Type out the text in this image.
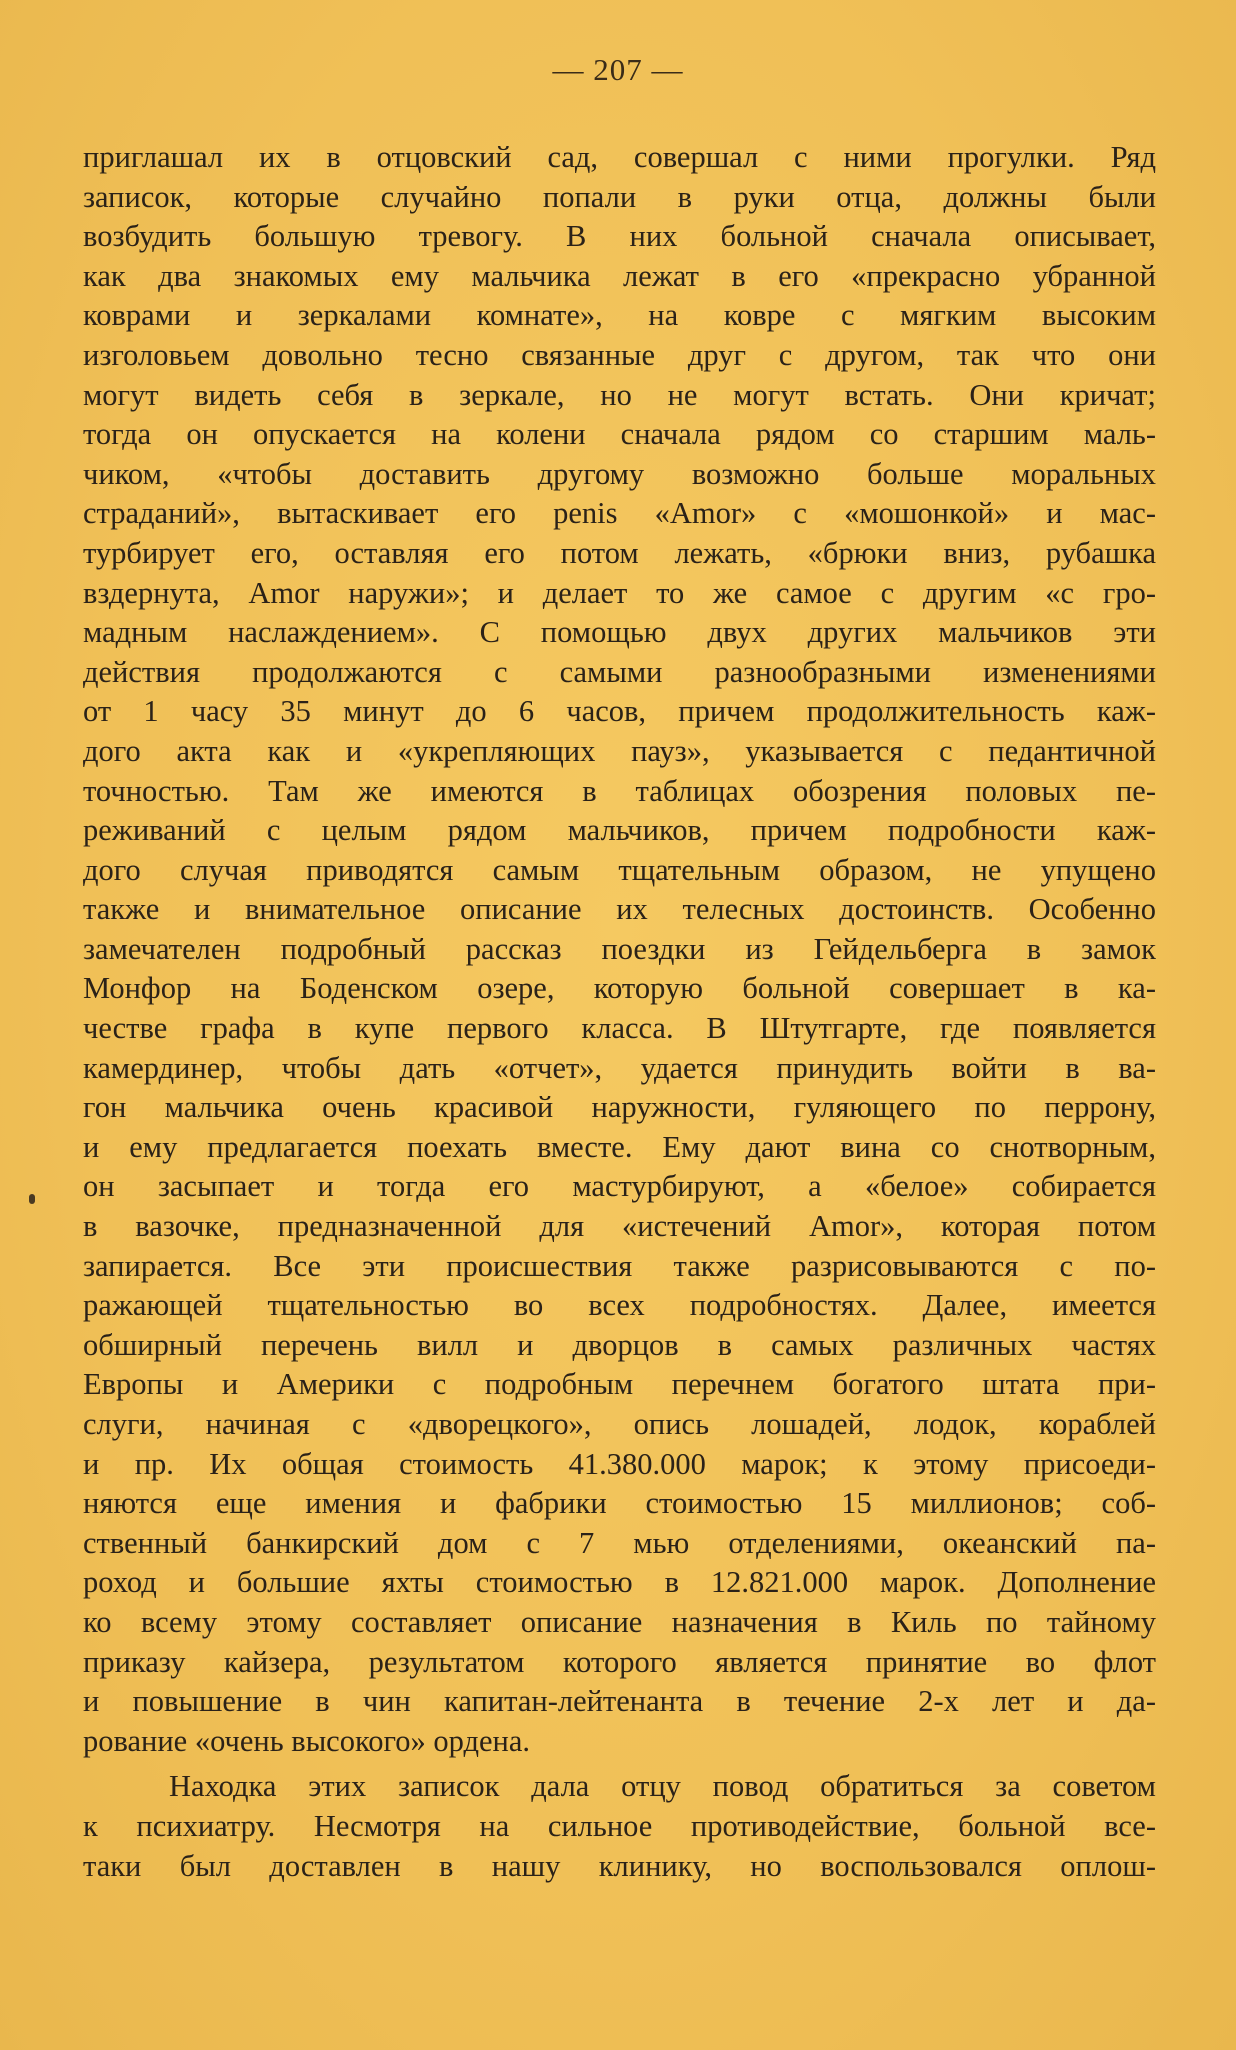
— 207 —
приглашал их в отцовский сад, совершал с ними прогулки. Ряд
записок, которые случайно попали в руки отца, должны были
возбудить большую тревогу. В них больной сначала описывает,
как два знакомых ему мальчика лежат в его «прекрасно убранной
коврами и зеркалами комнате», на ковре с мягким высоким
изголовьем довольно тесно связанные друг с другом, так что они
могут видеть себя в зеркале, но не могут встать. Они кричат;
тогда он опускается на колени сначала рядом со старшим маль-
чиком, «чтобы доставить другому возможно больше моральных
страданий», вытаскивает его penis «Amor» с «мошонкой» и мас-
турбирует его, оставляя его потом лежать, «брюки вниз, рубашка
вздернута, Amor наружи»; и делает то же самое с другим «с гро-
мадным наслаждением». С помощью двух других мальчиков эти
действия продолжаются с самыми разнообразными изменениями
от 1 часу 35 минут до 6 часов, причем продолжительность каж-
дого акта как и «укрепляющих пауз», указывается с педантичной
точностью. Там же имеются в таблицах обозрения половых пе-
реживаний с целым рядом мальчиков, причем подробности каж-
дого случая приводятся самым тщательным образом, не упущено
также и внимательное описание их телесных достоинств. Особенно
замечателен подробный рассказ поездки из Гейдельберга в замок
Монфор на Боденском озере, которую больной совершает в ка-
честве графа в купе первого класса. В Штутгарте, где появляется
камердинер, чтобы дать «отчет», удается принудить войти в ва-
гон мальчика очень красивой наружности, гуляющего по перрону,
и ему предлагается поехать вместе. Ему дают вина со снотворным,
он засыпает и тогда его мастурбируют, а «белое» собирается
в вазочке, предназначенной для «истечений Amor», которая потом
запирается. Все эти происшествия также разрисовываются с по-
ражающей тщательностью во всех подробностях. Далее, имеется
обширный перечень вилл и дворцов в самых различных частях
Европы и Америки с подробным перечнем богатого штата при-
слуги, начиная с «дворецкого», опись лошадей, лодок, кораблей
и пр. Их общая стоимость 41.380.000 марок; к этому присоеди-
няются еще имения и фабрики стоимостью 15 миллионов; соб-
ственный банкирский дом с 7 мью отделениями, океанский па-
роход и большие яхты стоимостью в 12.821.000 марок. Дополнение
ко всему этому составляет описание назначения в Киль по тайному
приказу кайзера, результатом которого является принятие во флот
и повышение в чин капитан-лейтенанта в течение 2-х лет и да-
рование «очень высокого» ордена.
Находка этих записок дала отцу повод обратиться за советом
к психиатру. Несмотря на сильное противодействие, больной все-
таки был доставлен в нашу клинику, но воспользовался оплош-
